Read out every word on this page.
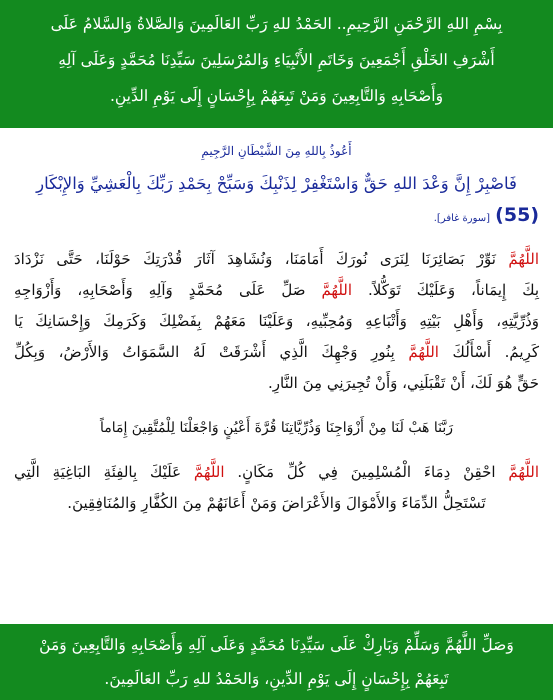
بِسْمِ اللهِ الرَّحْمَنِ الرَّحِيمِ.. الحَمْدُ للهِ رَبِّ العَالَمِينَ وَالصَّلاةُ وَالسَّلامُ عَلَى
أَشْرَفِ الخَلْقِ أَجْمَعِينَ وَخَاتَمِ الأَنْبِيَاءِ وَالمُرْسَلِينَ سَيِّدِنَا مُحَمَّدٍ وَعَلَى آلِهِ
وَأَصْحَابِهِ وَالتَّابِعِينَ وَمَنْ تَبِعَهُمْ بِإِحْسَانٍ إِلَى يَوْمِ الدِّينِ.
أَعُوذُ بِاللهِ مِنَ الشَّيْطَانِ الرَّجِيمِ
فَاصْبِرْ إِنَّ وَعْدَ اللهِ حَقٌّ وَاسْتَغْفِرْ لِذَنْبِكَ وَسَبِّحْ بِحَمْدِ رَبِّكَ بِالْعَشِيِّ وَالإِبْكَارِ
(55) [سورة غافر].
اللَّهُمَّ نَوِّرْ بَصَائِرَنَا لِنَرَى نُورَكَ أَمَامَنَا، وَنُشَاهِدَ آثَارَ قُدْرَتِكَ حَوْلَنَا، حَتَّى نَزْدَادَ
بِكَ إِيمَاناً، وَعَلَيْكَ تَوَكُّلاً. اللَّهُمَّ صَلِّ عَلَى مُحَمَّدٍ وَآلِهِ وَأَصْحَابِهِ، وَأَزْوَاجِهِ
وَذُرِّيَّتِهِ، وَأَهْلِ بَيْتِهِ وَأَتْبَاعِهِ وَمُحِبِّيهِ، وَعَلَيْنَا مَعَهُمْ بِفَضْلِكَ وَكَرَمِكَ وَإِحْسَانِكَ يَا
كَرِيمُ. أَسْأَلُكَ اللَّهُمَّ بِنُورِ وَجْهِكَ الَّذِي أَشْرَقَتْ لَهُ السَّمَوَاتُ وَالأَرْضُ، وَبِكُلِّ
حَقٍّ هُوَ لَكَ، أَنْ تَقْبَلَنِي، وَأَنْ تُجِيرَنِي مِنَ النَّارِ.
رَبَّنَا هَبْ لَنَا مِنْ أَزْوَاجِنَا وَذُرِّيَّاتِنَا قُرَّةَ أَعْيُنٍ وَاجْعَلْنَا لِلْمُتَّقِينَ إِمَاماً
اللَّهُمَّ احْقِنْ دِمَاءَ الْمُسْلِمِينَ فِي كُلِّ مَكَانٍ. اللَّهُمَّ عَلَيْكَ بِالفِئَةِ البَاغِيَةِ الَّتِي
تَسْتَحِلُّ الدِّمَاءَ وَالأَمْوَالَ وَالأَعْرَاضَ وَمَنْ أَعَانَهُمْ مِنَ الكُفَّارِ وَالمُنَافِقِينَ.
وَصَلِّ اللَّهُمَّ وَسَلِّمْ وَبَارِكْ عَلَى سَيِّدِنَا مُحَمَّدٍ وَعَلَى آلِهِ وَأَصْحَابِهِ وَالتَّابِعِينَ وَمَنْ
تَبِعَهُمْ بِإِحْسَانٍ إِلَى يَوْمِ الدِّينِ، وَالحَمْدُ للهِ رَبِّ العَالَمِينَ.
